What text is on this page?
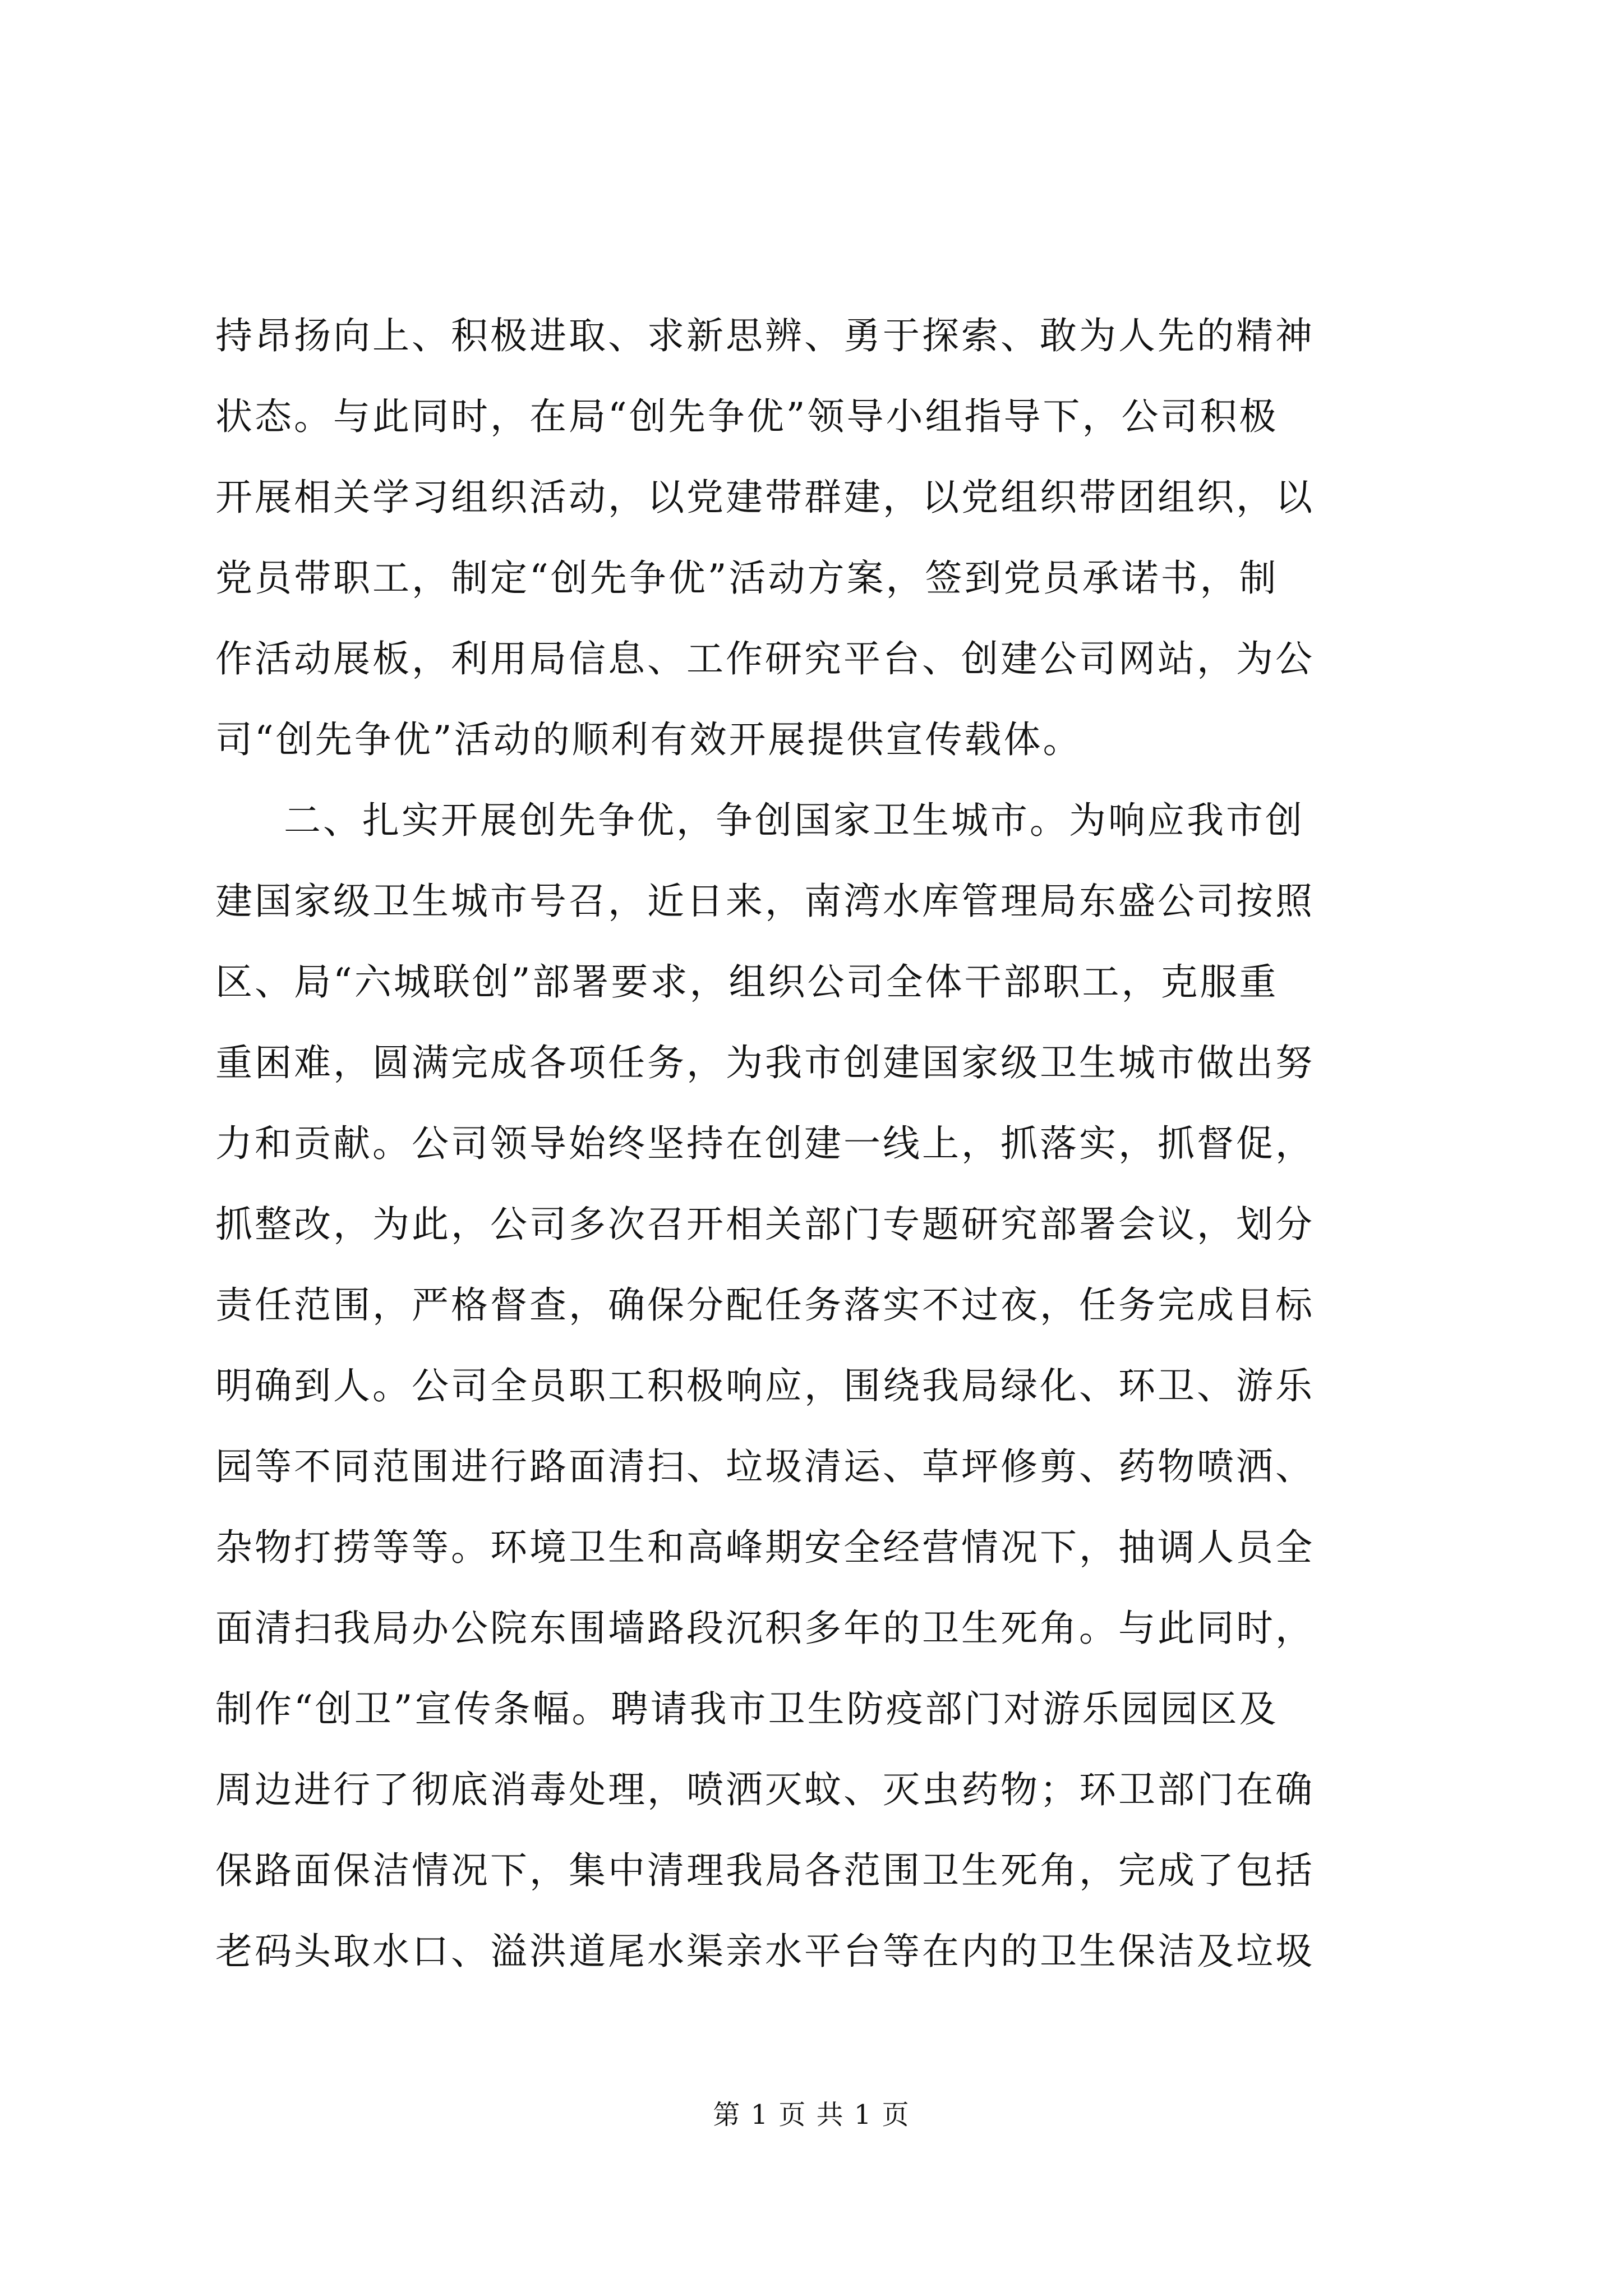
持昂扬向上、积极进取、求新思辨、勇于探索、敢为人先的精神
状态。与此同时，在局“创先争优”领导小组指导下，公司积极
开展相关学习组织活动，以党建带群建，以党组织带团组织，以
党员带职工，制定“创先争优”活动方案，签到党员承诺书，制
作活动展板，利用局信息、工作研究平台、创建公司网站，为公
司“创先争优”活动的顺利有效开展提供宣传载体。
二、扎实开展创先争优，争创国家卫生城市。为响应我市创
建国家级卫生城市号召，近日来，南湾水库管理局东盛公司按照
区、局“六城联创”部署要求，组织公司全体干部职工，克服重
重困难，圆满完成各项任务，为我市创建国家级卫生城市做出努
力和贡献。公司领导始终坚持在创建一线上，抓落实，抓督促，
抓整改，为此，公司多次召开相关部门专题研究部署会议，划分
责任范围，严格督查，确保分配任务落实不过夜，任务完成目标
明确到人。公司全员职工积极响应，围绕我局绿化、环卫、游乐
园等不同范围进行路面清扫、垃圾清运、草坪修剪、药物喷洒、
杂物打捞等等。环境卫生和高峰期安全经营情况下，抽调人员全
面清扫我局办公院东围墙路段沉积多年的卫生死角。与此同时，
制作“创卫”宣传条幅。聘请我市卫生防疫部门对游乐园园区及
周边进行了彻底消毒处理，喷洒灭蚊、灭虫药物；环卫部门在确
保路面保洁情况下，集中清理我局各范围卫生死角，完成了包括
老码头取水口、溢洪道尾水渠亲水平台等在内的卫生保洁及垃圾
第 1 页 共 1 页
